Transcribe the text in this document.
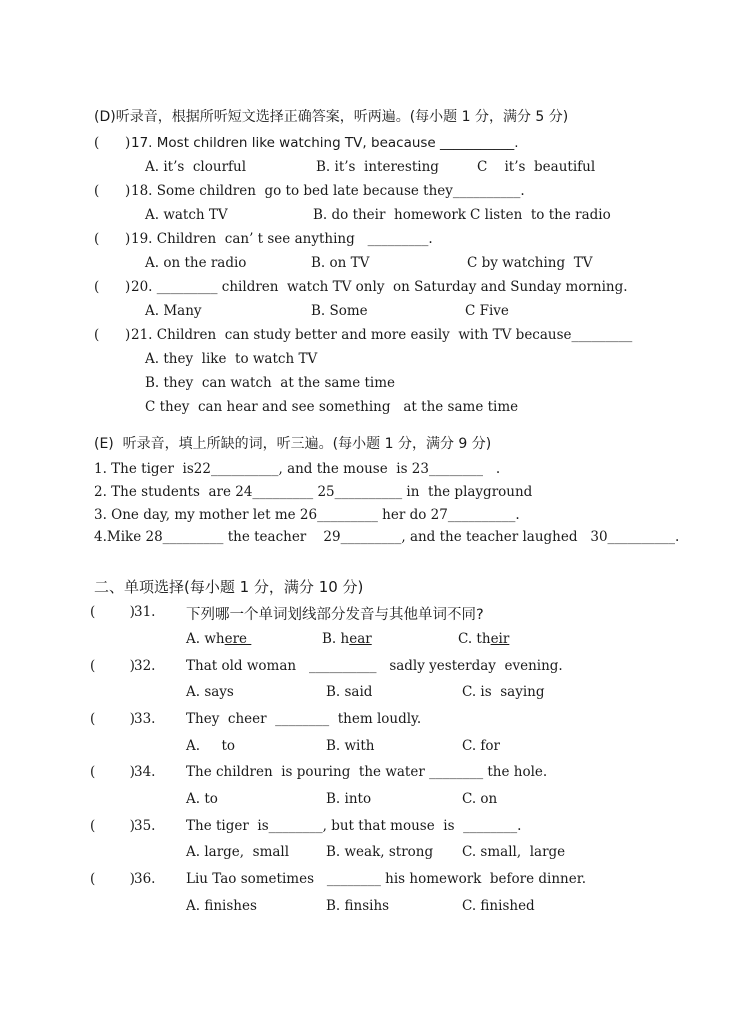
(D)听录音，根据所听短文选择正确答案，听两遍。(每小题 1 分，满分 5 分)
(      ) 17. Most children like watching TV, beacause ___________.
A. it’s  clourful	B. it’s  interesting	C    it’s  beautiful
(      ) 18. Some children  go to bed late because they__________.
A. watch TV	B. do their  homework C listen  to the radio
(      ) 19. Children  can’ t see anything   _________.
A. on the radio	B. on TV	C by watching  TV
(      ) 20. _________ children  watch TV only  on Saturday and Sunday morning.
A. Many	B. Some	C Five
(      ) 21. Children  can study better and more easily  with TV because_________
A. they  like  to watch TV
B. they  can watch  at the same time
C they  can hear and see something   at the same time
(E)  听录音，填上所缺的词，听三遍。(每小题 1 分，满分 9 分)
1. The tiger  is22__________, and the mouse  is 23________   .
2. The students  are 24_________ 25__________ in  the playground
3. One day, my mother let me 26_________ her do 27__________.
4.Mike 28_________ the teacher    29_________, and the teacher laughed   30__________.
二、单项选择(每小题 1 分，满分 10 分)
(        ) 31. 下列哪一个单词划线部分发音与其他单词不同?
A. where	B. hear	C. their
(        ) 32. That old woman   __________   sadly yesterday  evening.
A. says	B. said	C. is  saying
(        ) 33. They  cheer  ________  them loudly.
A.     to	B. with	C. for
(        ) 34. The children  is pouring  the water ________ the hole.
A. to	B. into	C. on
(        ) 35. The tiger  is________, but that mouse  is  ________.
A. large,  small	B. weak, strong C. small,  large
(        ) 36. Liu Tao sometimes   ________ his homework  before dinner.
A. finishes	B. finsihs	C. finished
